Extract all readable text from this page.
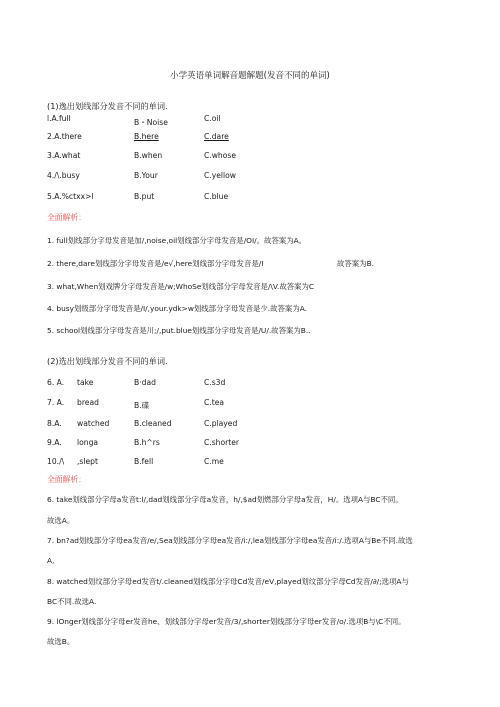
小学英语单词解音题解题(发音不同的单词)
(1)逸出划线部分发音不同的单词.
l.A.full	B・Noise	C.oil
2.A.there	B.here	C.dare
3.A.what	B.when	C.whose
4./\.busy	B.Your	C.yellow
5.A.%ctxx>l	B.put	C.blue
全面解析：
1. full划线部分字母发音是加/,noise,oil划线部分字母发音是/OI/。故答案为A。
2. there,dare划线部分字母发音是/e√,here划线部分字母发音是/I	故答案为B.
3. what,When划戏牌分字母发音是/w;WhoSe划线部分字母发音是/\V.故答案为C
4. busy划级部分字母发音是/I/,your.ydk>w划线部分字母发音是少.故答案为A.
5. school划线部分字母发音是川;/,put.blue划线部分字母发音是/U/.故答案为B..
(2)选出划线部分发音不同的单词.
6. A. take	B·dad	C.s3d
7. A. bread	B.碟	C.tea
8.A. watched	B.cleaned	C.played
9.A. longa	B.h^rs	C.shorter
10./\ ,slept	B.fell	C.me
全面解析：
6. take划线部分字母a发音t:l/,dad划线部分字母a发音，h/,$ad划燃部分字母a发音，H/。选项A与BC不同。
故选A。
7. bn?ad划线部分字母ea发音/e/,Sea划线部分字母ea发音/i:/,lea划线部分字母ea发音/i:/.选项A与Be不同.故选
A,
8. watched划纹部分字母ed发音t/.cleaned划线部分字母Cd发音/eV,played划纹部分字母Cd发音/∂/;选项A与
BC不同.故选A.
9. lOnger划线部分字母er发音he、划线部分字母er发音/3/,shorter划线部分字母er发音/o/.选项B与\C不同。
故选B。
